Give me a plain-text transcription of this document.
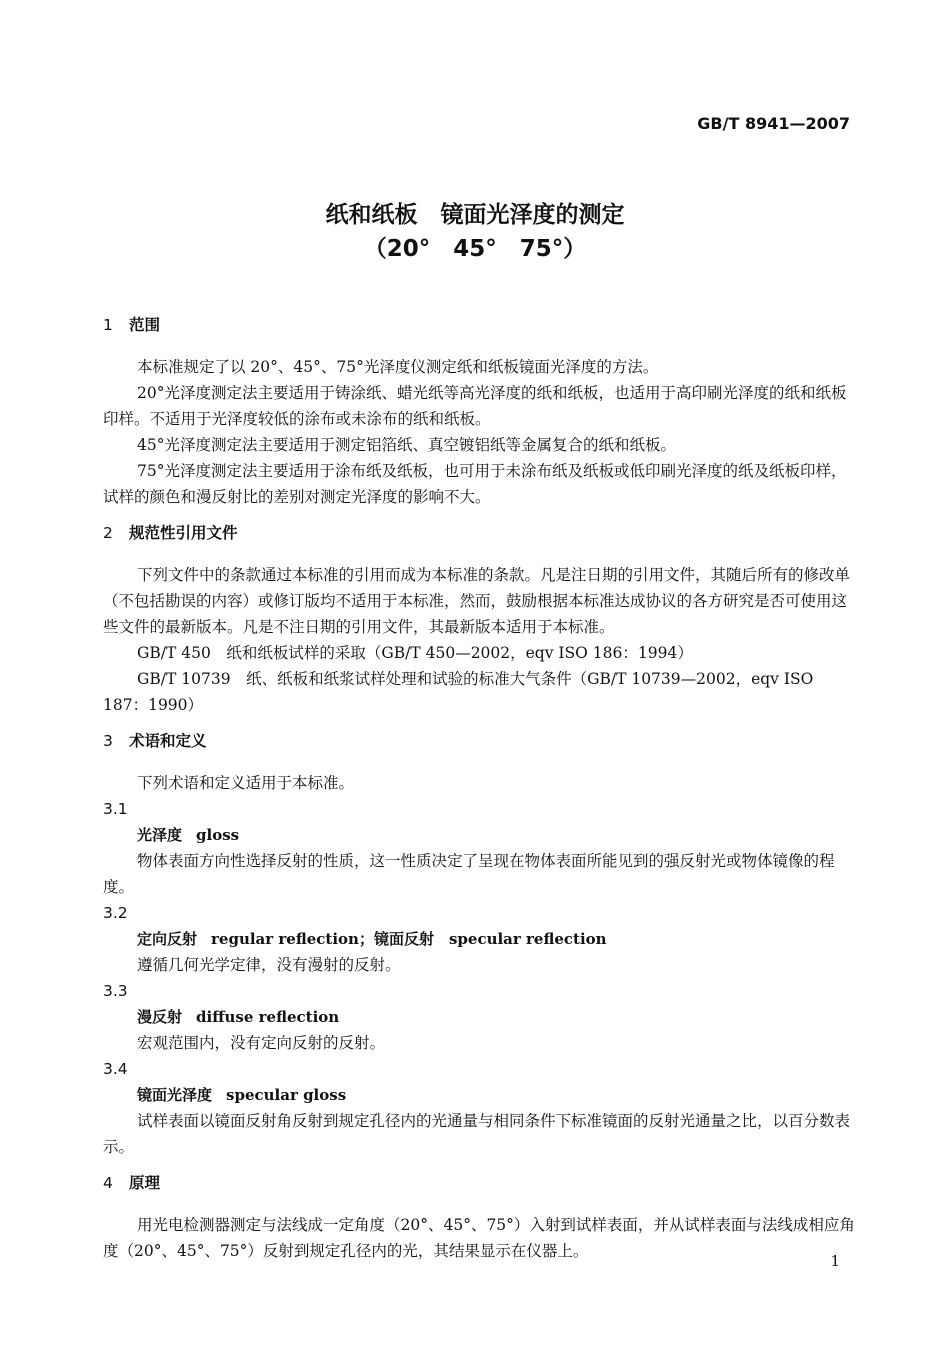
GB/T 8941—2007
纸和纸板　镜面光泽度的测定
（20°　45°　75°）
1 范围

本标准规定了以 20°、45°、75°光泽度仪测定纸和纸板镜面光泽度的方法。

20°光泽度测定法主要适用于铸涂纸、蜡光纸等高光泽度的纸和纸板，也适用于高印刷光泽度的纸和纸板印样。不适用于光泽度较低的涂布或未涂布的纸和纸板。

45°光泽度测定法主要适用于测定铝箔纸、真空镀铝纸等金属复合的纸和纸板。

75°光泽度测定法主要适用于涂布纸及纸板，也可用于未涂布纸及纸板或低印刷光泽度的纸及纸板印样，试样的颜色和漫反射比的差别对测定光泽度的影响不大。

2 规范性引用文件

下列文件中的条款通过本标准的引用而成为本标准的条款。凡是注日期的引用文件，其随后所有的修改单（不包括勘误的内容）或修订版均不适用于本标准，然而，鼓励根据本标准达成协议的各方研究是否可使用这些文件的最新版本。凡是不注日期的引用文件，其最新版本适用于本标准。

GB/T 450　纸和纸板试样的采取（GB/T 450—2002，eqv ISO 186：1994）

GB/T 10739　纸、纸板和纸浆试样处理和试验的标准大气条件（GB/T 10739—2002，eqv ISO 187：1990）

3 术语和定义

下列术语和定义适用于本标准。

3.1
光泽度 gloss

物体表面方向性选择反射的性质，这一性质决定了呈现在物体表面所能见到的强反射光或物体镜像的程度。

3.2
定向反射 regular reflection；镜面反射　specular reflection

遵循几何光学定律，没有漫射的反射。

3.3
漫反射 diffuse reflection

宏观范围内，没有定向反射的反射。

3.4
镜面光泽度 specular gloss

试样表面以镜面反射角反射到规定孔径内的光通量与相同条件下标准镜面的反射光通量之比，以百分数表示。

4 原理

用光电检测器测定与法线成一定角度（20°、45°、75°）入射到试样表面，并从试样表面与法线成相应角度（20°、45°、75°）反射到规定孔径内的光，其结果显示在仪器上。

1
